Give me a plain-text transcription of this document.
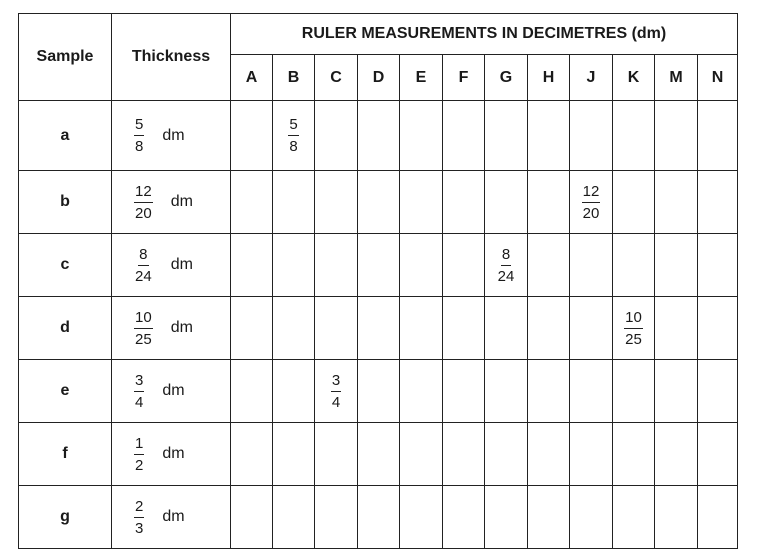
Sample	Thickness	RULER MEASUREMENTS IN DECIMETRES (dm)											
		A	B	C	D	E	F	G	H	J	K	M	N
a	$\frac{5}{8}$ dm		$\frac{5}{8}$

b	$\frac{12}{20}$ dm									$\frac{12}{20}$

c	$\frac{8}{24}$ dm							$\frac{8}{24}$

d	$\frac{10}{25}$ dm										$\frac{10}{25}$

e	$\frac{3}{4}$ dm			$\frac{3}{4}$

f	$\frac{1}{2}$ dm												

g	$\frac{2}{3}$ dm												
